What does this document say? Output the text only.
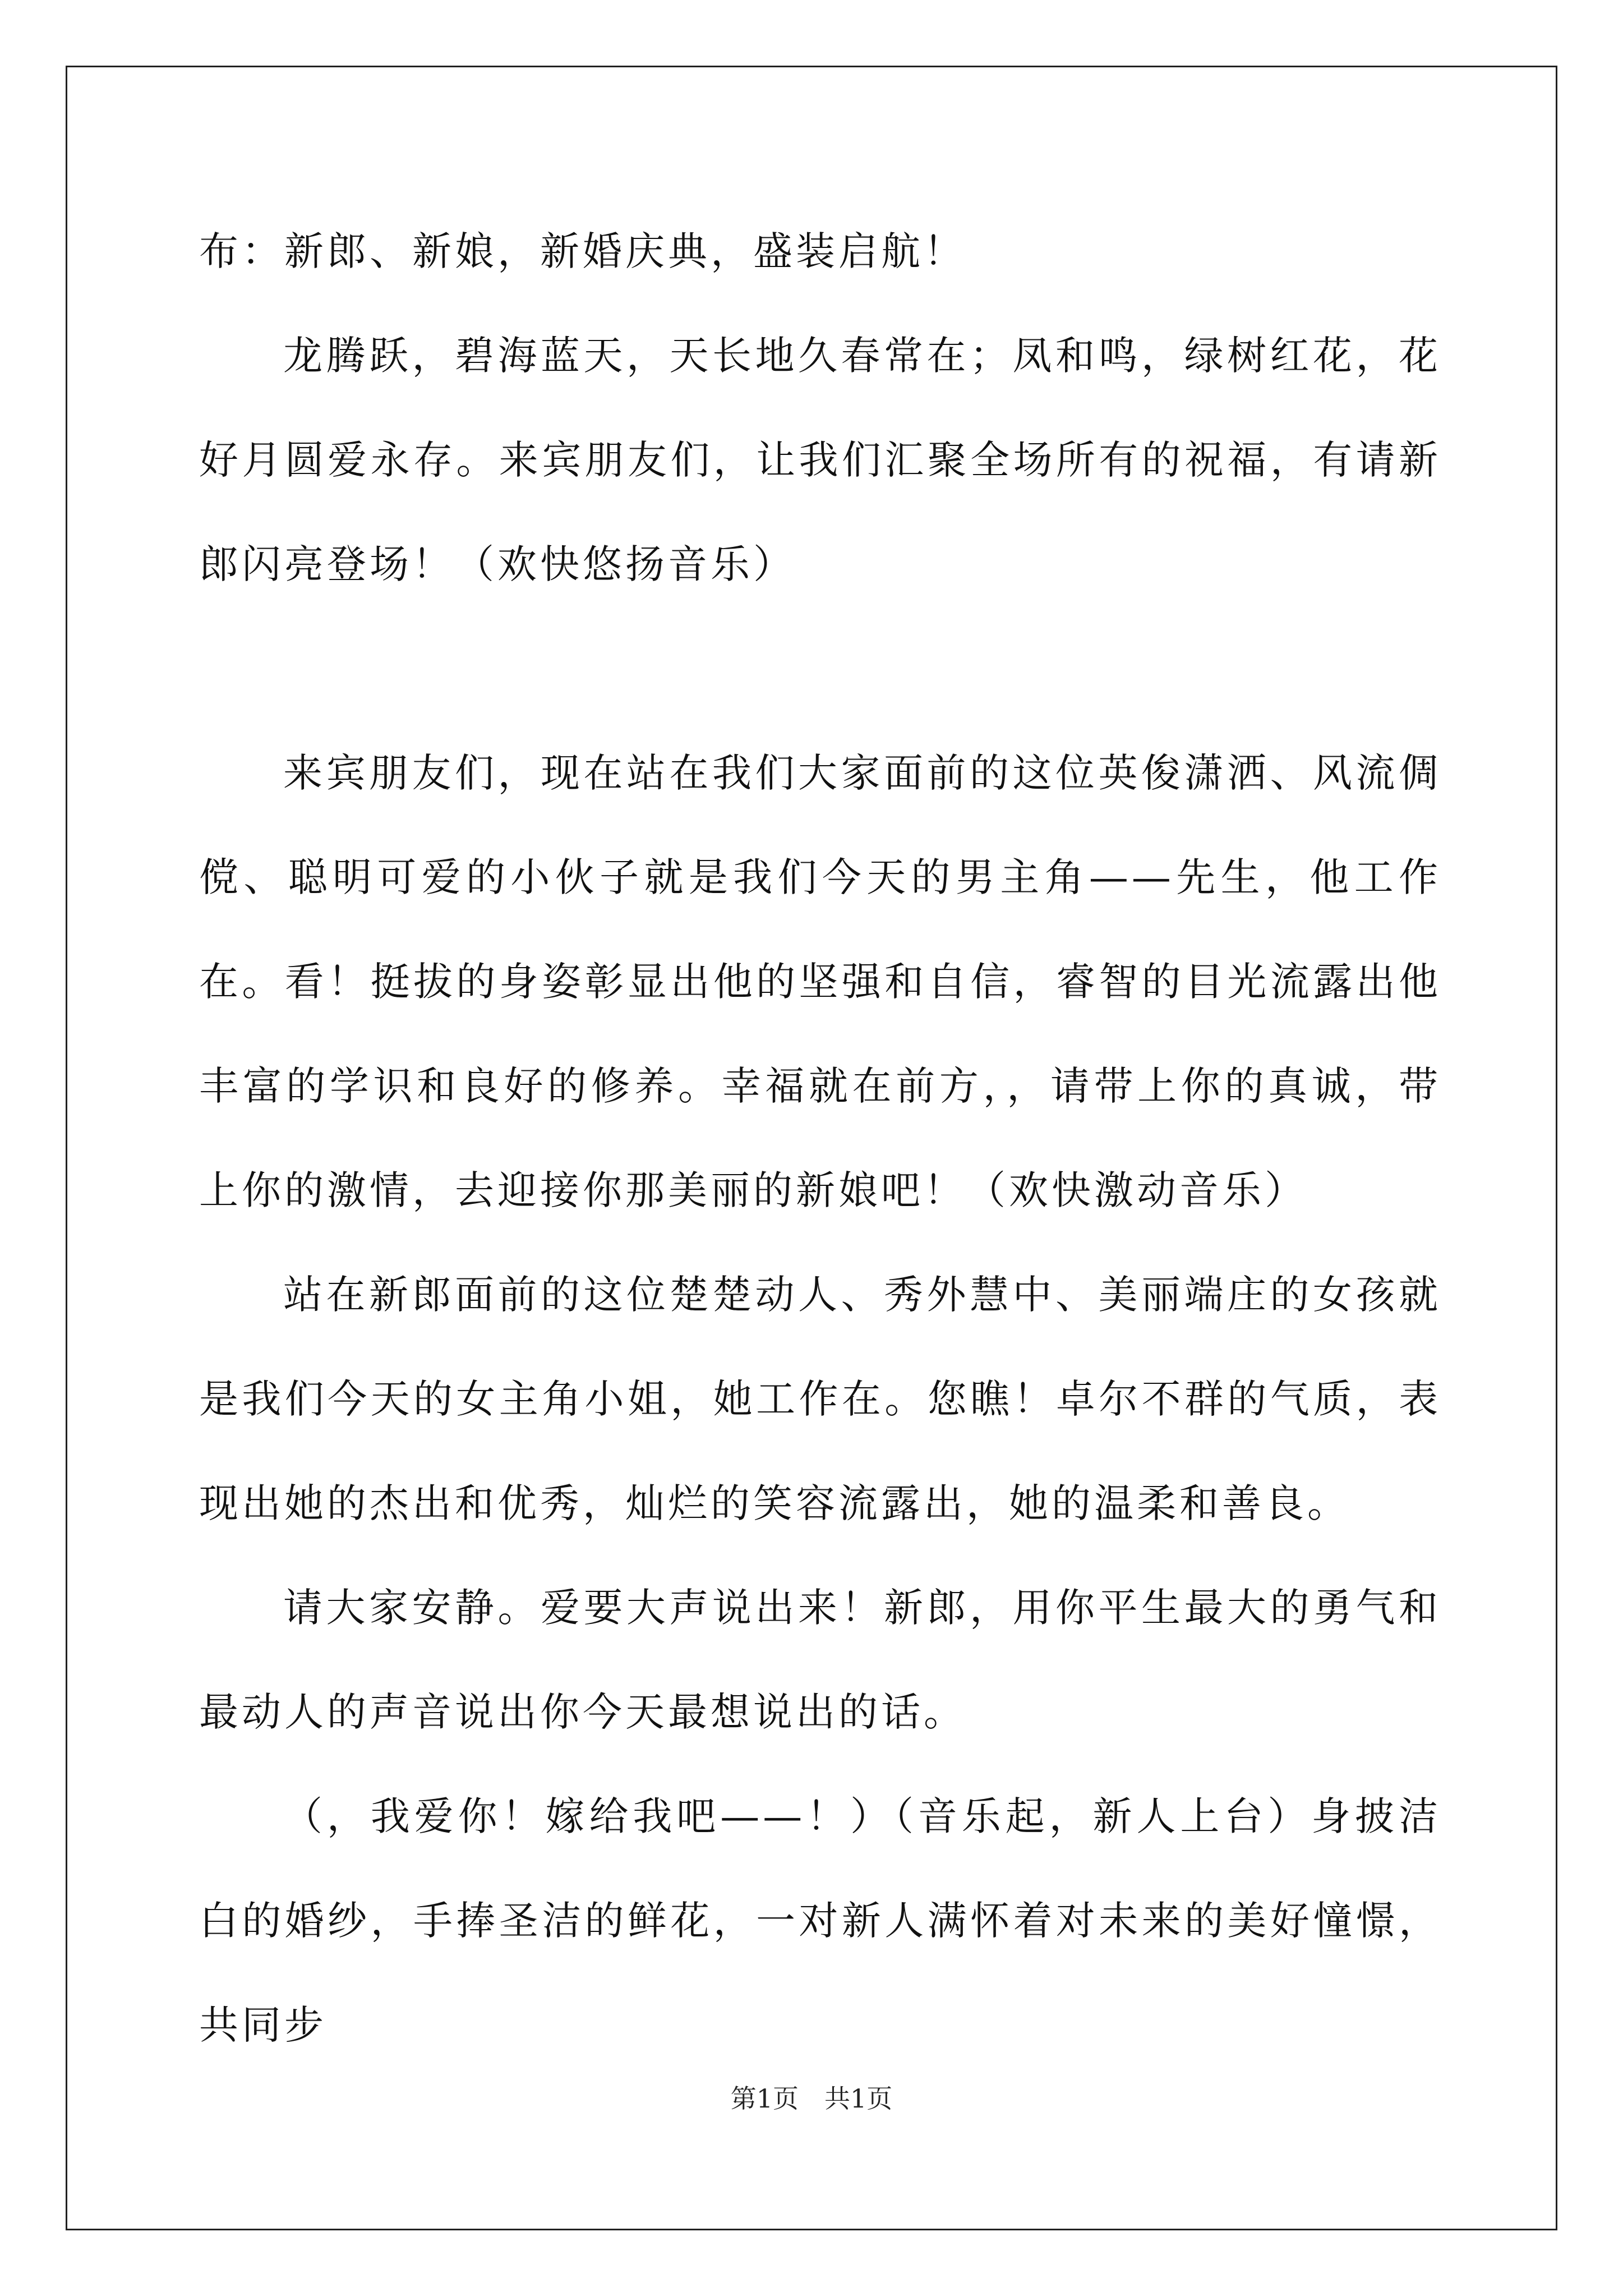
布：新郎、新娘，新婚庆典，盛装启航！

龙腾跃，碧海蓝天，天长地久春常在；凤和鸣，绿树红花，花好月圆爱永存。来宾朋友们，让我们汇聚全场所有的祝福，有请新郎闪亮登场！（欢快悠扬音乐）

来宾朋友们，现在站在我们大家面前的这位英俊潇洒、风流倜傥、聪明可爱的小伙子就是我们今天的男主角——先生，他工作在。看！挺拔的身姿彰显出他的坚强和自信，睿智的目光流露出他丰富的学识和良好的修养。幸福就在前方，，请带上你的真诚，带上你的激情，去迎接你那美丽的新娘吧！（欢快激动音乐）

站在新郎面前的这位楚楚动人、秀外慧中、美丽端庄的女孩就是我们今天的女主角小姐，她工作在。您瞧！卓尔不群的气质，表现出她的杰出和优秀，灿烂的笑容流露出，她的温柔和善良。

请大家安静。爱要大声说出来！新郎，用你平生最大的勇气和最动人的声音说出你今天最想说出的话。

（，我爱你！嫁给我吧——！）（音乐起，新人上台）身披洁白的婚纱，手捧圣洁的鲜花，一对新人满怀着对未来的美好憧憬，共同步

第1页　共1页
